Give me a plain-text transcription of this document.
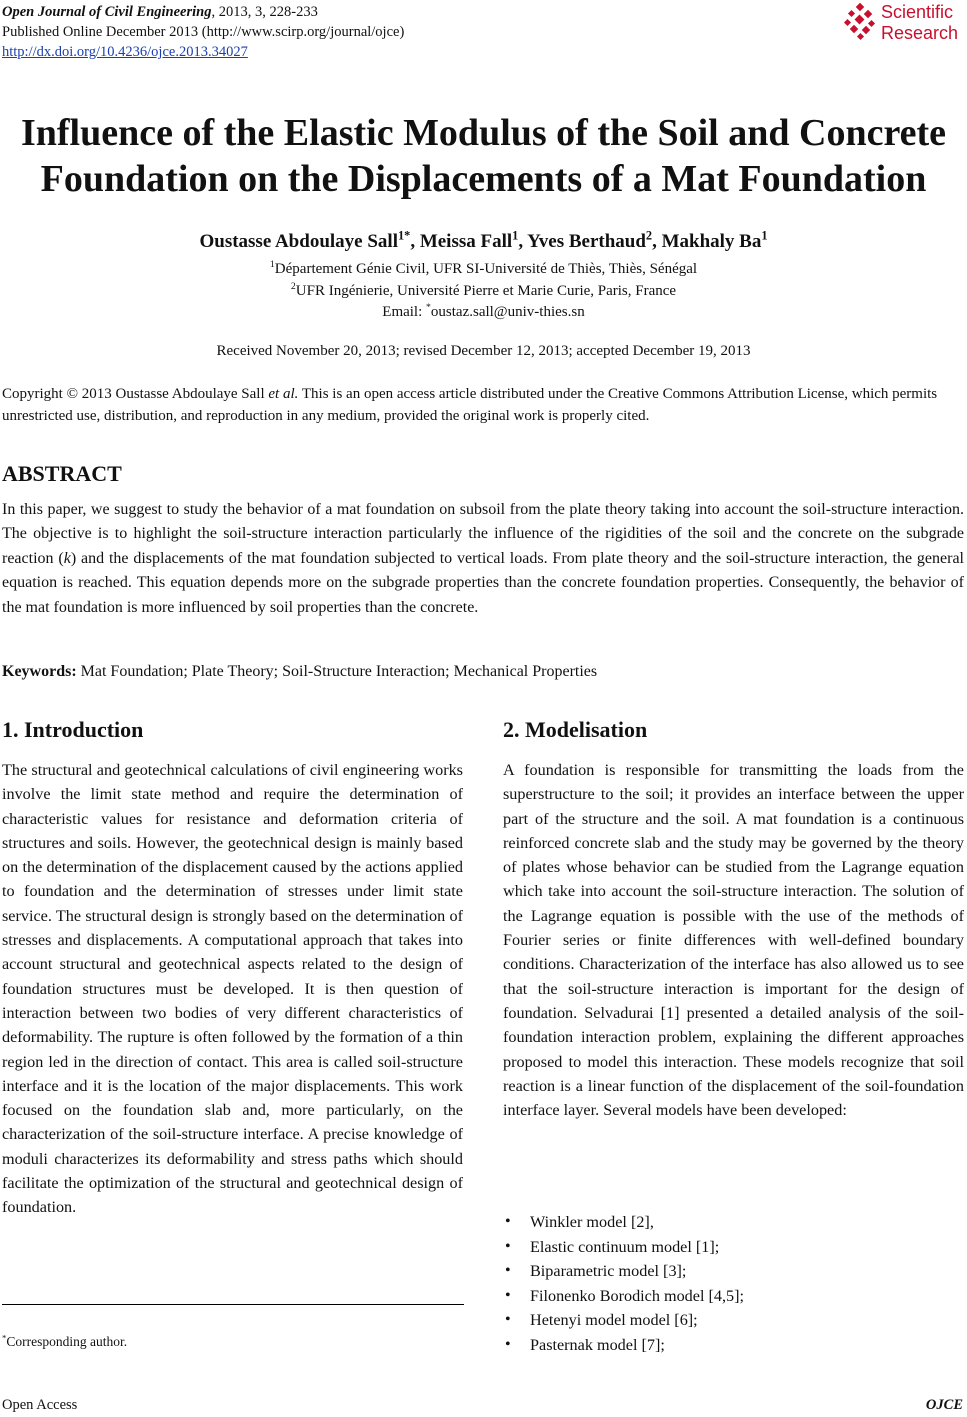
Open Journal of Civil Engineering, 2013, 3, 228-233
Published Online December 2013 (http://www.scirp.org/journal/ojce)
http://dx.doi.org/10.4236/ojce.2013.34027
Scientific
Research
Influence of the Elastic Modulus of the Soil and Concrete
Foundation on the Displacements of a Mat Foundation
Oustasse Abdoulaye Sall$^{1*}$, Meissa Fall$^1$, Yves Berthaud$^2$, Makhaly Ba$^1$
$^1$Département Génie Civil, UFR SI-Université de Thiès, Thiès, Sénégal
$^2$UFR Ingénierie, Université Pierre et Marie Curie, Paris, France
Email: *oustaz.sall@univ-thies.sn
Received November 20, 2013; revised December 12, 2013; accepted December 19, 2013
Copyright © 2013 Oustasse Abdoulaye Sall et al. This is an open access article distributed under the Creative Commons Attribution License, which permits unrestricted use, distribution, and reproduction in any medium, provided the original work is properly cited.
ABSTRACT
In this paper, we suggest to study the behavior of a mat foundation on subsoil from the plate theory taking into account the soil-structure interaction. The objective is to highlight the soil-structure interaction particularly the influence of the rigidities of the soil and the concrete on the subgrade reaction (k) and the displacements of the mat foundation subjected to vertical loads. From plate theory and the soil-structure interaction, the general equation is reached. This equation depends more on the subgrade properties than the concrete foundation properties. Consequently, the behavior of the mat foundation is more influenced by soil properties than the concrete.
Keywords: Mat Foundation; Plate Theory; Soil-Structure Interaction; Mechanical Properties
1. Introduction
The structural and geotechnical calculations of civil engineering works involve the limit state method and require the determination of characteristic values for resistance and deformation criteria of structures and soils. However, the geotechnical design is mainly based on the determination of the displacement caused by the actions applied to foundation and the determination of stresses under limit state service. The structural design is strongly based on the determination of stresses and displacements. A computational approach that takes into account structural and geotechnical aspects related to the design of foundation structures must be developed. It is then question of interaction between two bodies of very different characteristics of deformability. The rupture is often followed by the formation of a thin region led in the direction of contact. This area is called soil-structure interface and it is the location of the major displacements. This work focused on the foundation slab and, more particularly, on the characterization of the soil-structure interface. A precise knowledge of moduli characterizes its deformability and stress paths which should facilitate the optimization of the structural and geotechnical design of foundation.
2. Modelisation
A foundation is responsible for transmitting the loads from the superstructure to the soil; it provides an interface between the upper part of the structure and the soil. A mat foundation is a continuous reinforced concrete slab and the study may be governed by the theory of plates whose behavior can be studied from the Lagrange equation which take into account the soil-structure interaction. The solution of the Lagrange equation is possible with the use of the methods of Fourier series or finite differences with well-defined boundary conditions. Characterization of the interface has also allowed us to see that the soil-structure interaction is important for the design of foundation. Selvadurai [1] presented a detailed analysis of the soil-foundation interaction problem, explaining the different approaches proposed to model this interaction. These models recognize that soil reaction is a linear function of the displacement of the soil-foundation interface layer. Several models have been developed:
• Winkler model [2],
• Elastic continuum model [1];
• Biparametric model [3];
• Filonenko Borodich model [4,5];
• Hetenyi model model [6];
• Pasternak model [7];
*Corresponding author.
Open Access	OJCE
